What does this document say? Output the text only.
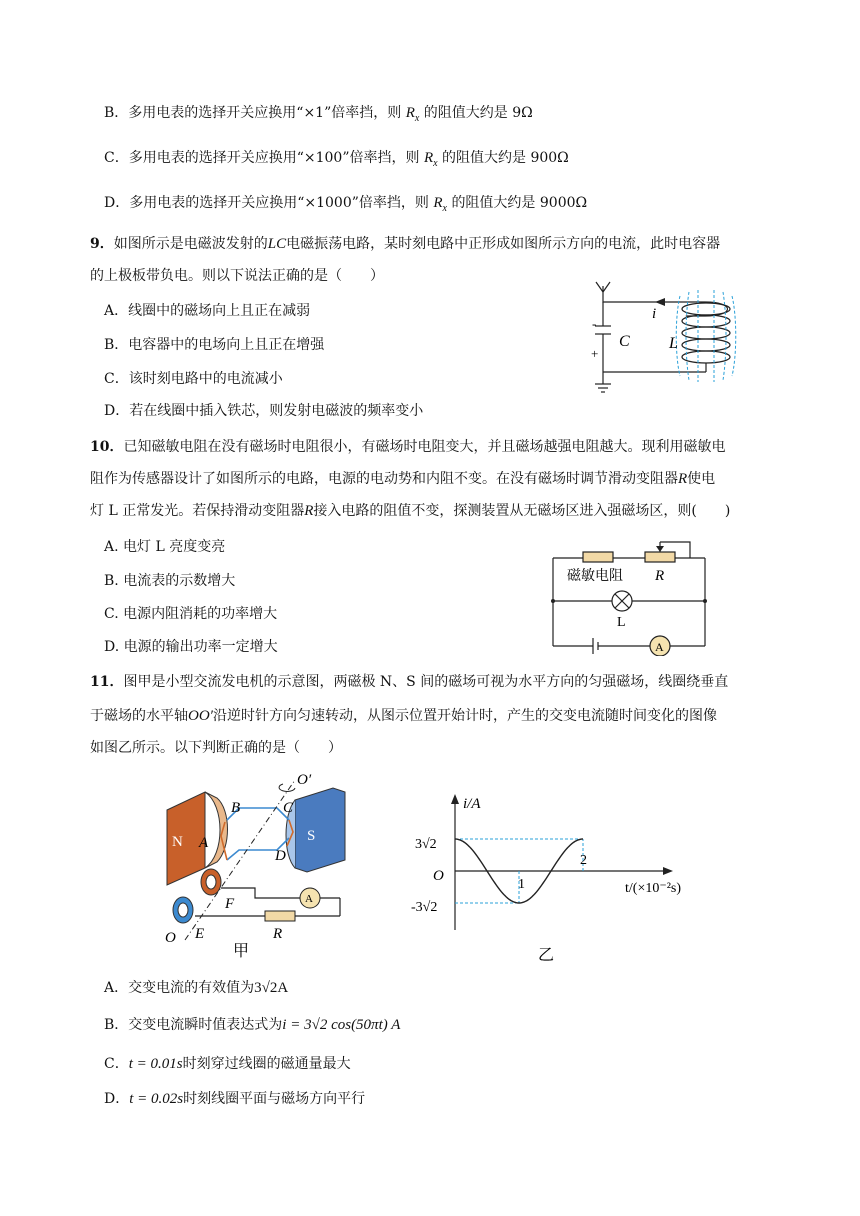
B．多用电表的选择开关应换用“×1”倍率挡，则 $R_x$ 的阻值大约是 9Ω
C．多用电表的选择开关应换用“×100”倍率挡，则 $R_x$ 的阻值大约是 900Ω
D．多用电表的选择开关应换用“×1000”倍率挡，则 $R_x$ 的阻值大约是 9000Ω
9．如图所示是电磁波发射的LC电磁振荡电路，某时刻电路中正形成如图所示方向的电流，此时电容器
的上极板带负电。则以下说法正确的是（　　）
A．线圈中的磁场向上且正在减弱
B．电容器中的电场向上且正在增强
C．该时刻电路中的电流减小
D．若在线圈中插入铁芯，则发射电磁波的频率变小
i
C L
-
+
10．已知磁敏电阻在没有磁场时电阻很小，有磁场时电阻变大，并且磁场越强电阻越大。现利用磁敏电
阻作为传感器设计了如图所示的电路，电源的电动势和内阻不变。在没有磁场时调节滑动变阻器R使电
灯 L 正常发光。若保持滑动变阻器R接入电路的阻值不变，探测装置从无磁场区进入强磁场区，则(　　)
A. 电灯 L 亮度变亮
B. 电流表的示数增大
C. 电源内阻消耗的功率增大
D. 电源的输出功率一定增大
磁敏电阻 R
L
A
11．图甲是小型交流发电机的示意图，两磁极 N、S 间的磁场可视为水平方向的匀强磁场，线圈绕垂直
于磁场的水平轴OO′沿逆时针方向匀速转动，从图示位置开始计时，产生的交变电流随时间变化的图像
如图乙所示。以下判断正确的是（　　）
N	S
A
B	C
D
F
E	R
O
O′
A
甲
i/A
3√2
O
-3√2
1
2
t/(×10⁻²s)
乙
A．交变电流的有效值为3√2A
B．交变电流瞬时值表达式为i = 3√2 cos(50πt) A
C．t = 0.01s时刻穿过线圈的磁通量最大
D．t = 0.02s时刻线圈平面与磁场方向平行
